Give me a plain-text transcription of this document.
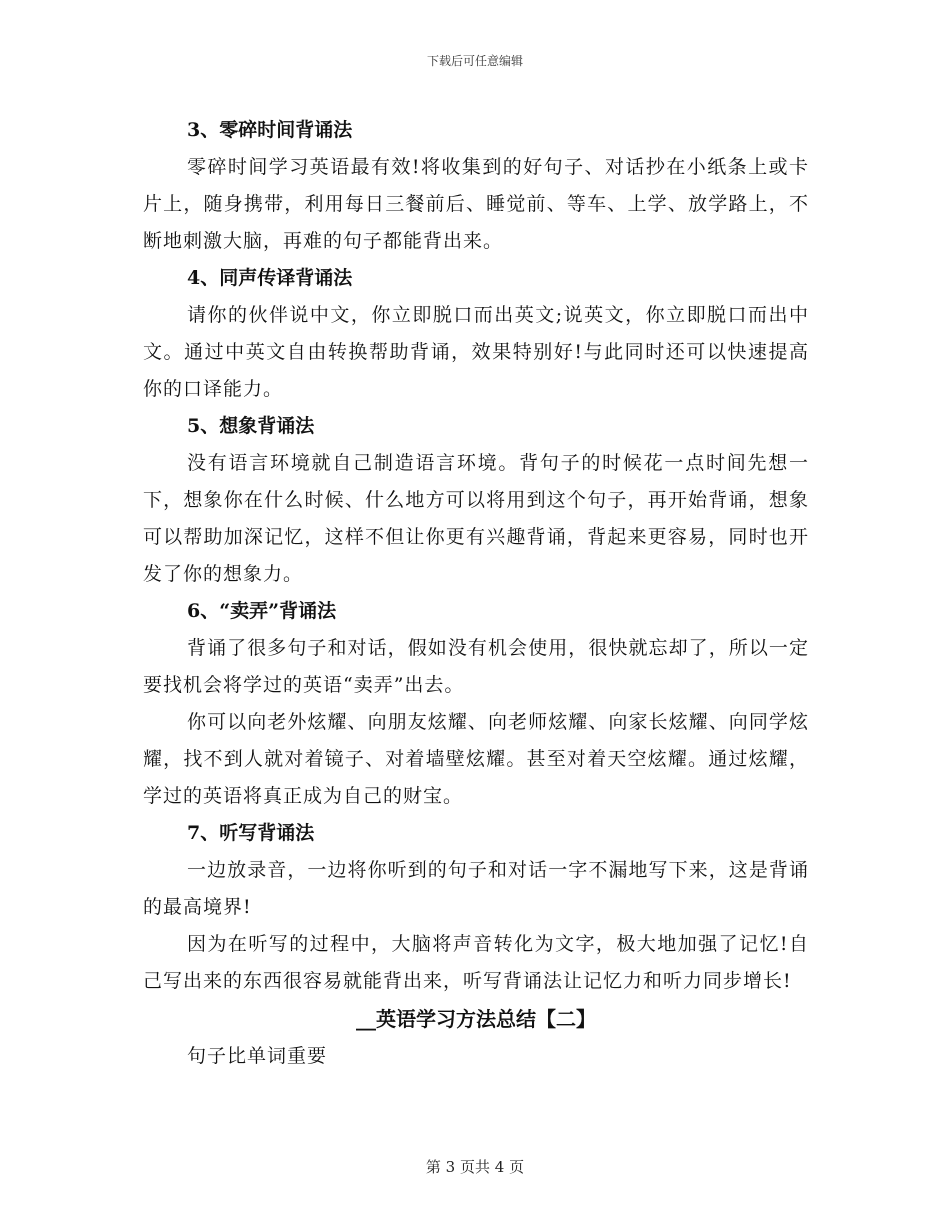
下载后可任意编辑

3、零碎时间背诵法

零碎时间学习英语最有效!将收集到的好句子、对话抄在小纸条上或卡片上，随身携带，利用每日三餐前后、睡觉前、等车、上学、放学路上，不断地刺激大脑，再难的句子都能背出来。

4、同声传译背诵法

请你的伙伴说中文，你立即脱口而出英文;说英文，你立即脱口而出中文。通过中英文自由转换帮助背诵，效果特别好!与此同时还可以快速提高你的口译能力。

5、想象背诵法

没有语言环境就自己制造语言环境。背句子的时候花一点时间先想一下，想象你在什么时候、什么地方可以将用到这个句子，再开始背诵，想象可以帮助加深记忆，这样不但让你更有兴趣背诵，背起来更容易，同时也开发了你的想象力。

6、“卖弄”背诵法

背诵了很多句子和对话，假如没有机会使用，很快就忘却了，所以一定要找机会将学过的英语“卖弄”出去。

你可以向老外炫耀、向朋友炫耀、向老师炫耀、向家长炫耀、向同学炫耀，找不到人就对着镜子、对着墙壁炫耀。甚至对着天空炫耀。通过炫耀，学过的英语将真正成为自己的财宝。

7、听写背诵法

一边放录音，一边将你听到的句子和对话一字不漏地写下来，这是背诵的最高境界!

因为在听写的过程中，大脑将声音转化为文字，极大地加强了记忆!自己写出来的东西很容易就能背出来，听写背诵法让记忆力和听力同步增长!

__英语学习方法总结【二】

句子比单词重要

第 3 页共 4 页
